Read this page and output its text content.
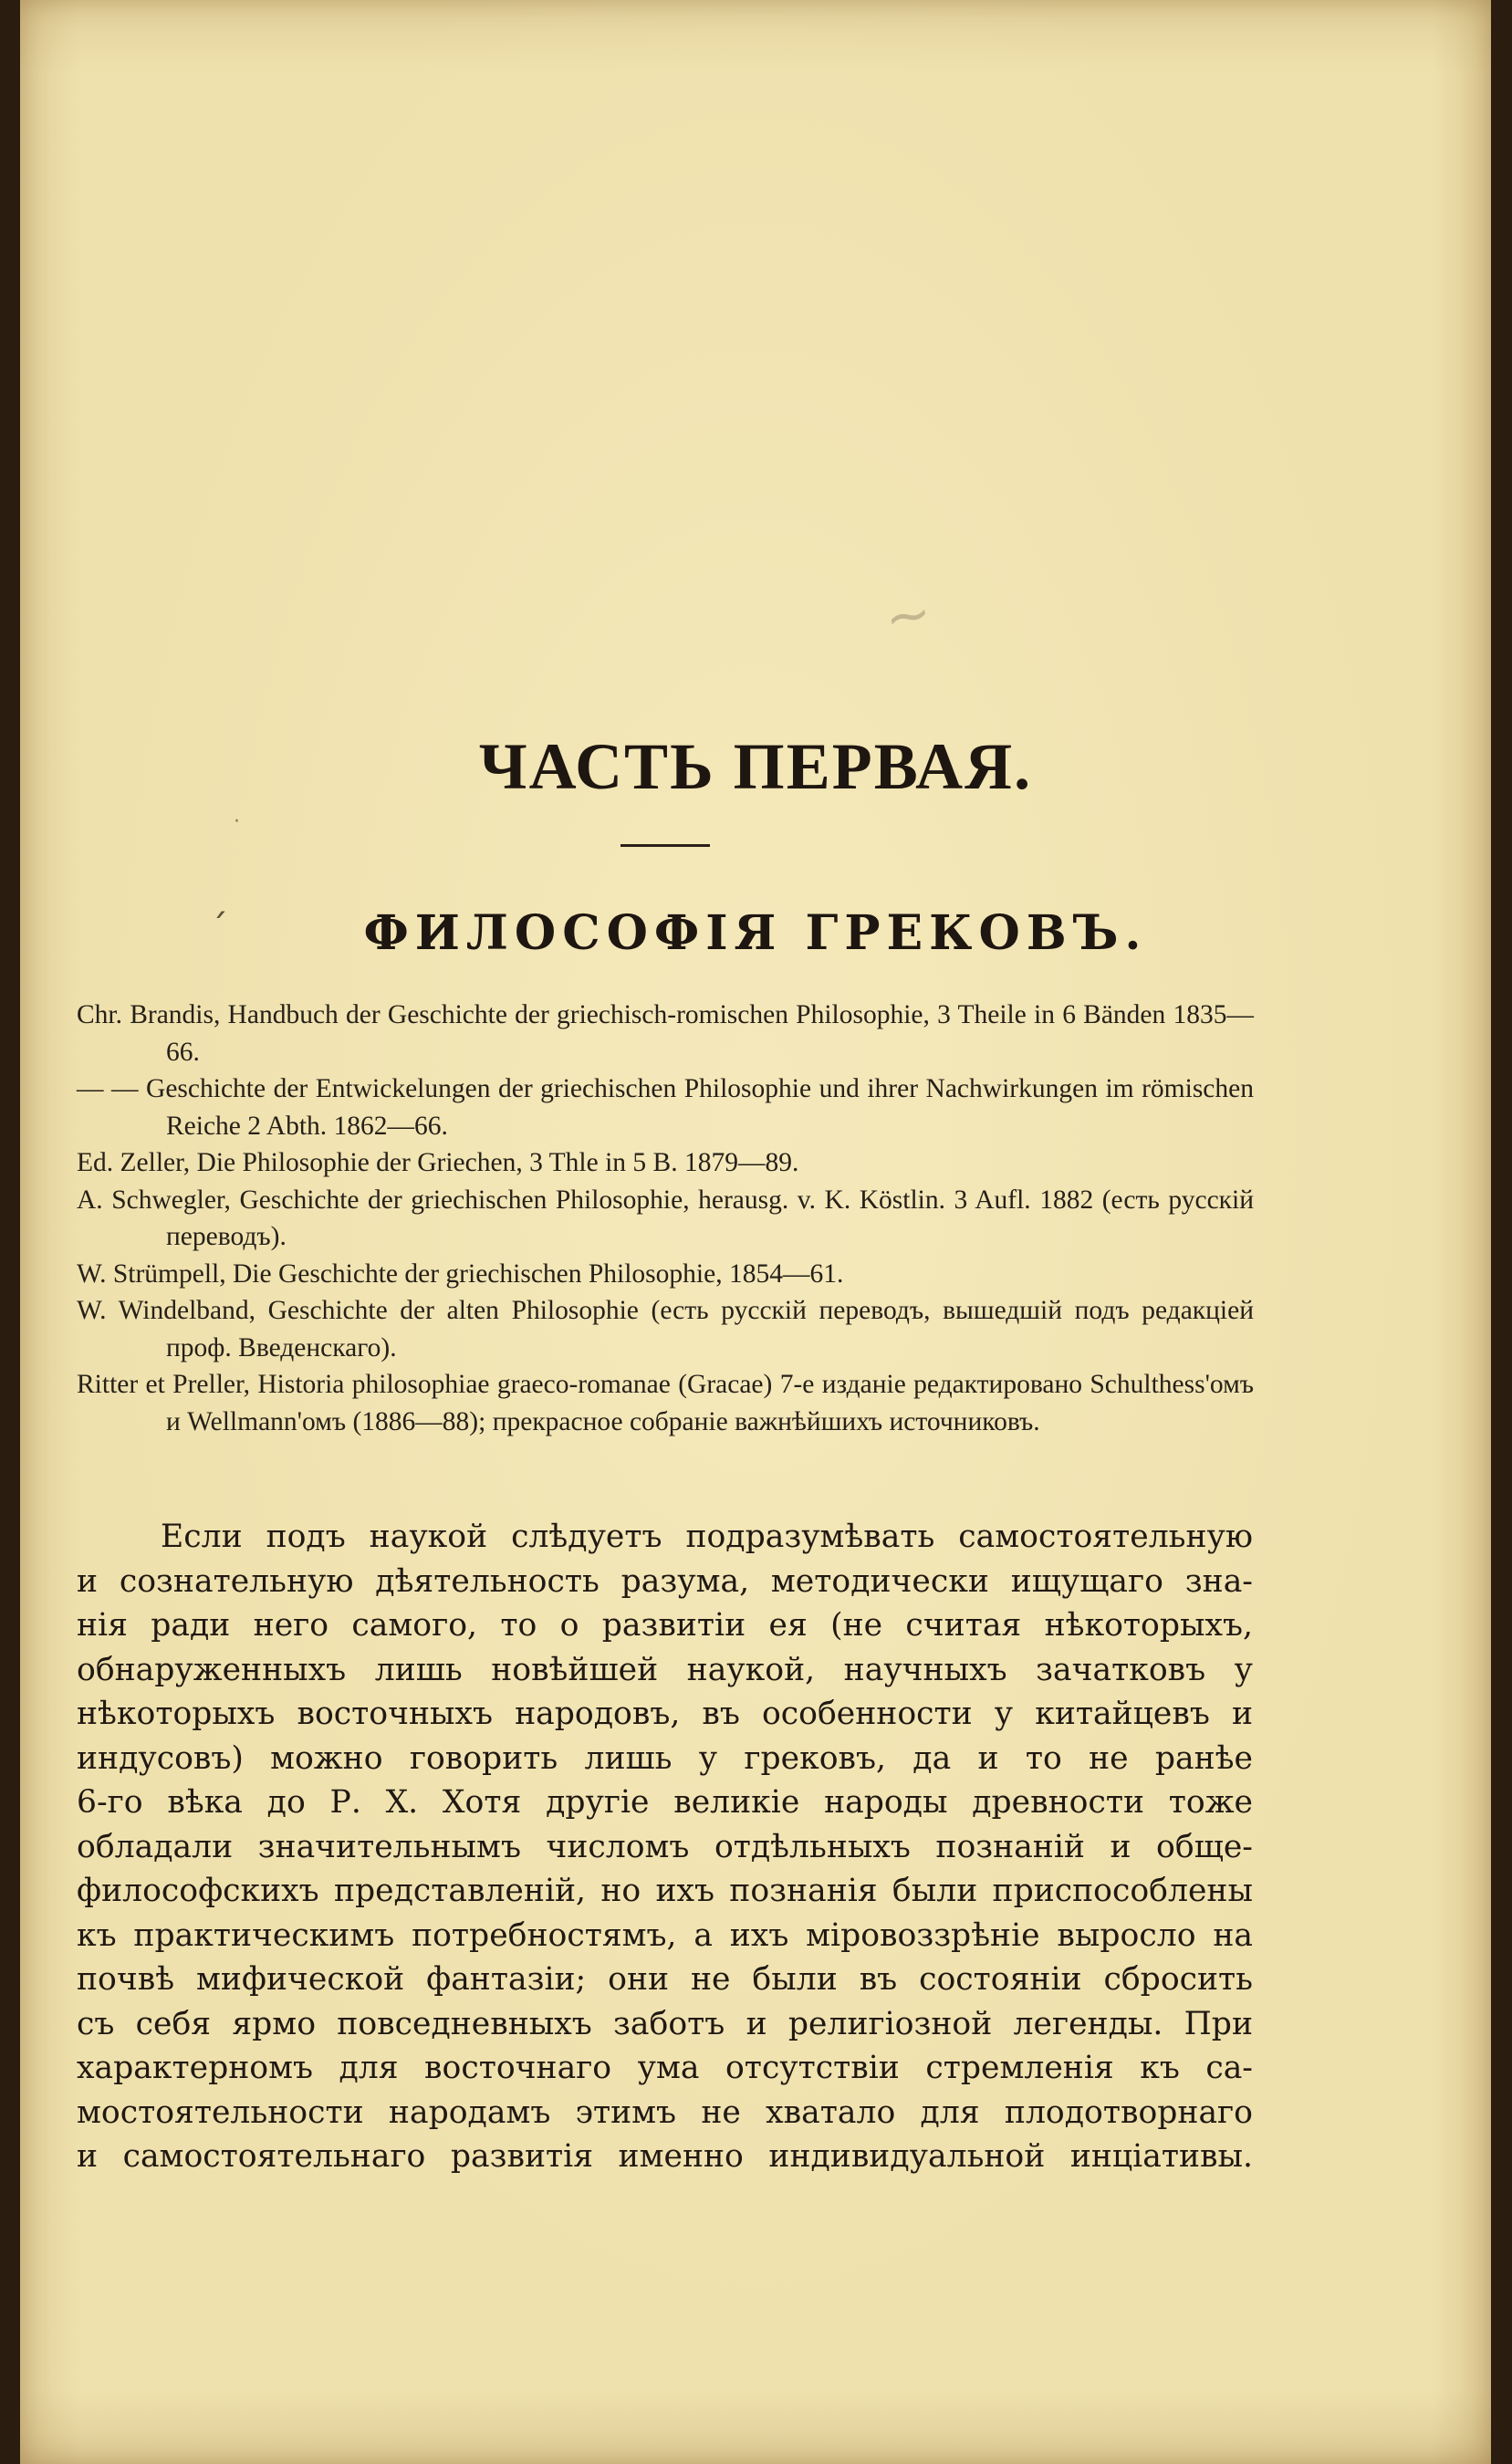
~
·
ˊ
ЧАСТЬ ПЕРВАЯ.
ФИЛОСОФІЯ ГРЕКОВЪ.
Chr. Brandis, Handbuch der Geschichte der griechisch-romischen Philosophie, 3 Theile in 6 Bänden 1835—66.
— — Geschichte der Entwickelungen der griechischen Philosophie und ihrer Nachwirkungen im römischen Reiche 2 Abth. 1862—66.
Ed. Zeller, Die Philosophie der Griechen, 3 Thle in 5 B. 1879—89.
A. Schwegler, Geschichte der griechischen Philosophie, herausg. v. K. Köstlin. 3 Aufl. 1882 (есть русскій переводъ).
W. Strümpell, Die Geschichte der griechischen Philosophie, 1854—61.
W. Windelband, Geschichte der alten Philosophie (есть русскій переводъ, вышедшій подъ редакціей проф. Введенскаго).
Ritter et Preller, Historia philosophiae graeco-romanae (Gracae) 7-е изданіе редактировано Schulthess'омъ и Wellmann'омъ (1886—88); прекрасное собраніе важнѣйшихъ источниковъ.

Если подъ наукой слѣдуетъ подразумѣвать самостоятельную
и сознательную дѣятельность разума, методически ищущаго зна-
нія ради него самого, то о развитіи ея (не считая нѣкоторыхъ,
обнаруженныхъ лишь новѣйшей наукой, научныхъ зачатковъ у
нѣкоторыхъ восточныхъ народовъ, въ особенности у китайцевъ и
индусовъ) можно говорить лишь у грековъ, да и то не ранѣе
6-го вѣка до Р. Х. Хотя другіе великіе народы древности тоже
обладали значительнымъ числомъ отдѣльныхъ познаній и обще-
философскихъ представленій, но ихъ познанія были приспособлены
къ практическимъ потребностямъ, а ихъ міровоззрѣніе выросло на
почвѣ мифической фантазіи; они не были въ состояніи сбросить
съ себя ярмо повседневныхъ заботъ и религіозной легенды. При
характерномъ для восточнаго ума отсутствіи стремленія къ са-
мостоятельности народамъ этимъ не хватало для плодотворнаго
и самостоятельнаго развитія именно индивидуальной инціативы.
